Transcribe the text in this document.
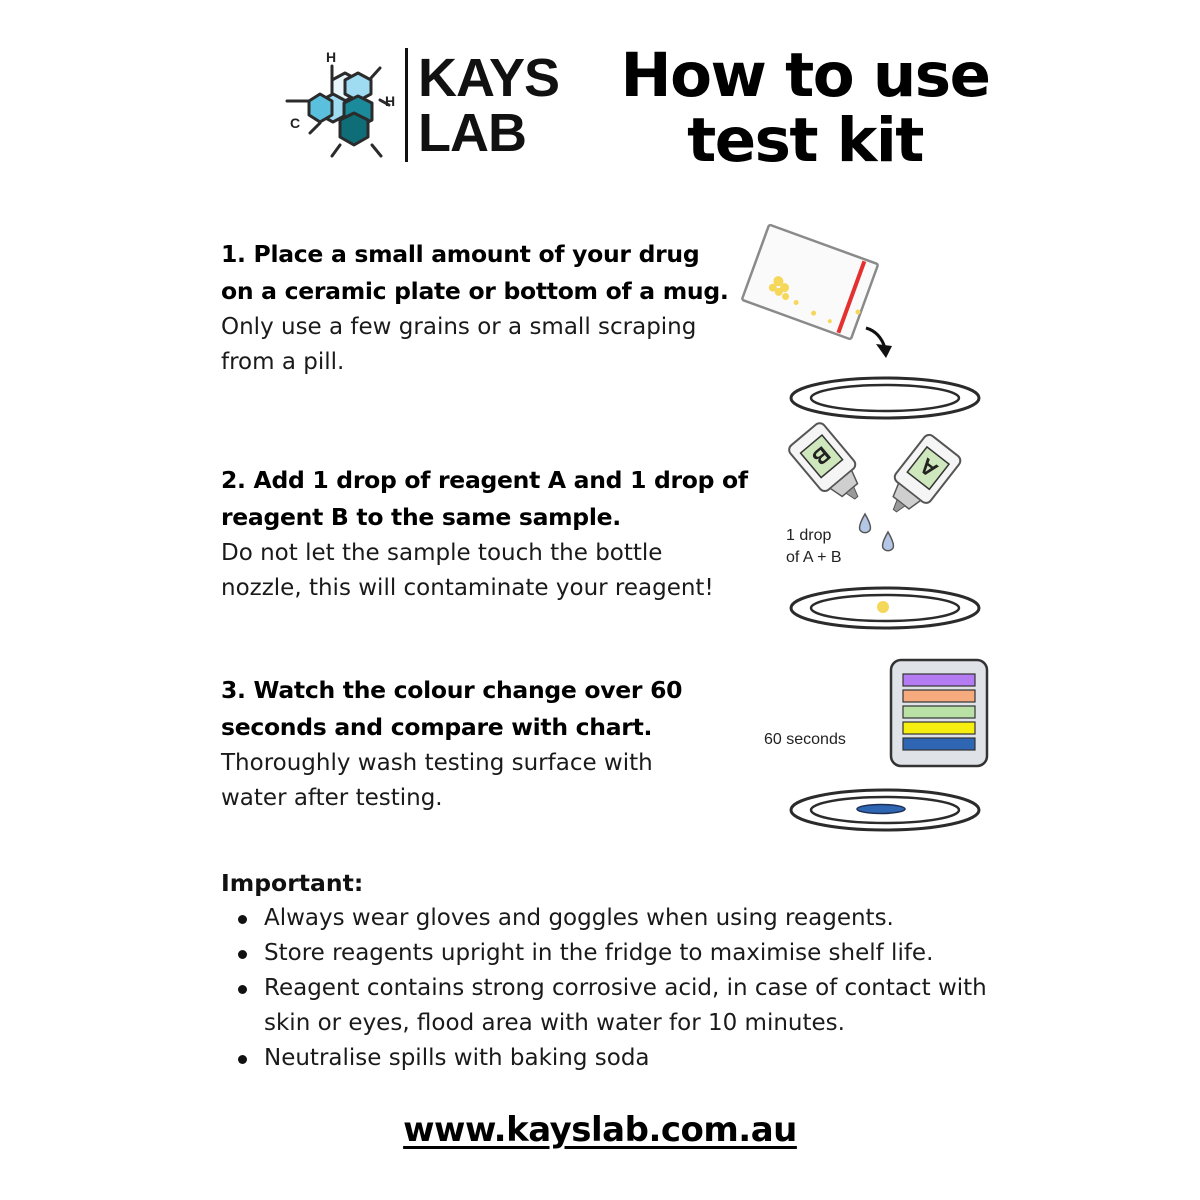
H
H
C
KAYS
LAB
How to use
test kit
1. Place a small amount of your drug
on a ceramic plate or bottom of a mug.
Only use a few grains or a small scraping
from a pill.
2. Add 1 drop of reagent A and 1 drop of
reagent B to the same sample.
Do not let the sample touch the bottle
nozzle, this will contaminate your reagent!
3. Watch the colour change over 60
seconds and compare with chart.
Thoroughly wash testing surface with
water after testing.
B	A
1 drop
of A + B
60 seconds
Important:
Always wear gloves and goggles when using reagents.
Store reagents upright in the fridge to maximise shelf life.
Reagent contains strong corrosive acid, in case of contact with skin or eyes, flood area with water for 10 minutes.
Neutralise spills with baking soda
www.kayslab.com.au
